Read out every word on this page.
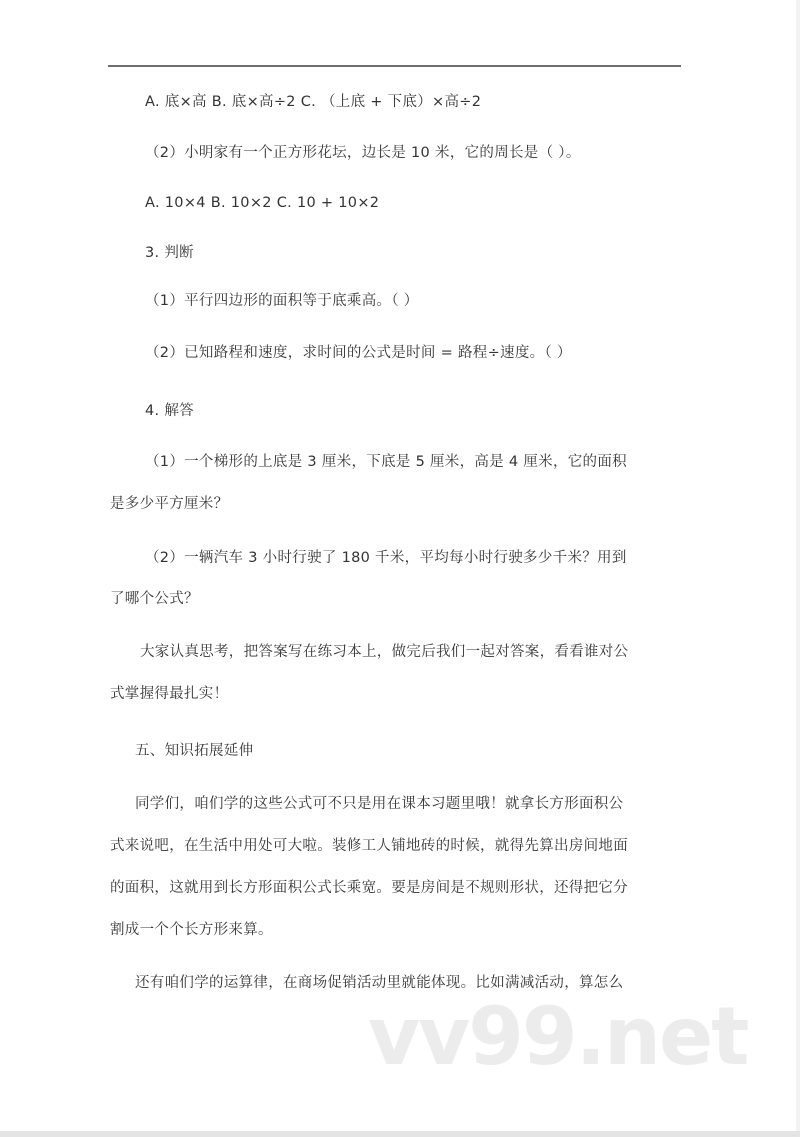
A. 底×高 B. 底×高÷2 C. （上底 + 下底）×高÷2
（2）小明家有一个正方形花坛，边长是 10 米，它的周长是（ ）。
A. 10×4 B. 10×2 C. 10 + 10×2
3. 判断
（1）平行四边形的面积等于底乘高。（ ）
（2）已知路程和速度，求时间的公式是时间 = 路程÷速度。（ ）
4. 解答
（1）一个梯形的上底是 3 厘米，下底是 5 厘米，高是 4 厘米，它的面积
是多少平方厘米？
（2）一辆汽车 3 小时行驶了 180 千米，平均每小时行驶多少千米？用到
了哪个公式？
大家认真思考，把答案写在练习本上，做完后我们一起对答案，看看谁对公
式掌握得最扎实！
五、知识拓展延伸
同学们，咱们学的这些公式可不只是用在课本习题里哦！就拿长方形面积公
式来说吧，在生活中用处可大啦。装修工人铺地砖的时候，就得先算出房间地面
的面积，这就用到长方形面积公式长乘宽。要是房间是不规则形状，还得把它分
割成一个个长方形来算。
还有咱们学的运算律，在商场促销活动里就能体现。比如满减活动，算怎么
vv99.net
